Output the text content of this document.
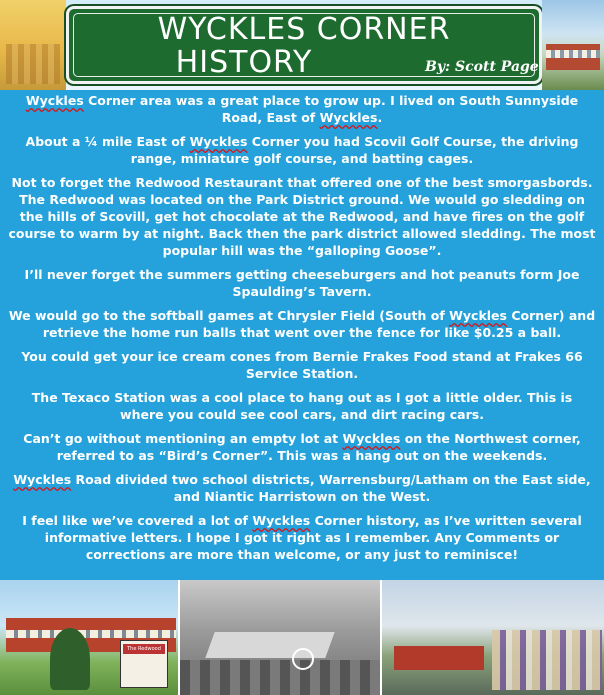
WYCKLES CORNER
HISTORY	By: Scott Page

Wyckles Corner area was a great place to grow up. I lived on South Sunnyside Road, East of Wyckles.

About a ¼ mile East of Wyckles Corner you had Scovil Golf Course, the driving range, miniature golf course, and batting cages.

Not to forget the Redwood Restaurant that offered one of the best smorgasbords. The Redwood was located on the Park District ground. We would go sledding on the hills of Scovill, get hot chocolate at the Redwood, and have fires on the golf course to warm by at night. Back then the park district allowed sledding. The most popular hill was the “galloping Goose”.

I’ll never forget the summers getting cheeseburgers and hot peanuts form Joe Spaulding’s Tavern.

We would go to the softball games at Chrysler Field (South of Wyckles Corner) and retrieve the home run balls that went over the fence for like $0.25 a ball.

You could get your ice cream cones from Bernie Frakes Food stand at Frakes 66 Service Station.

The Texaco Station was a cool place to hang out as I got a little older. This is where you could see cool cars, and dirt racing cars.

Can’t go without mentioning an empty lot at Wyckles on the Northwest corner, referred to as “Bird’s Corner”. This was a hang out on the weekends.

Wyckles Road divided two school districts, Warrensburg/Latham on the East side, and Niantic Harristown on the West.

I feel like we’ve covered a lot of Wyckles Corner history, as I’ve written several informative letters. I hope I got it right as I remember. Any Comments or corrections are more than welcome, or any just to reminisce!

The Redwood
